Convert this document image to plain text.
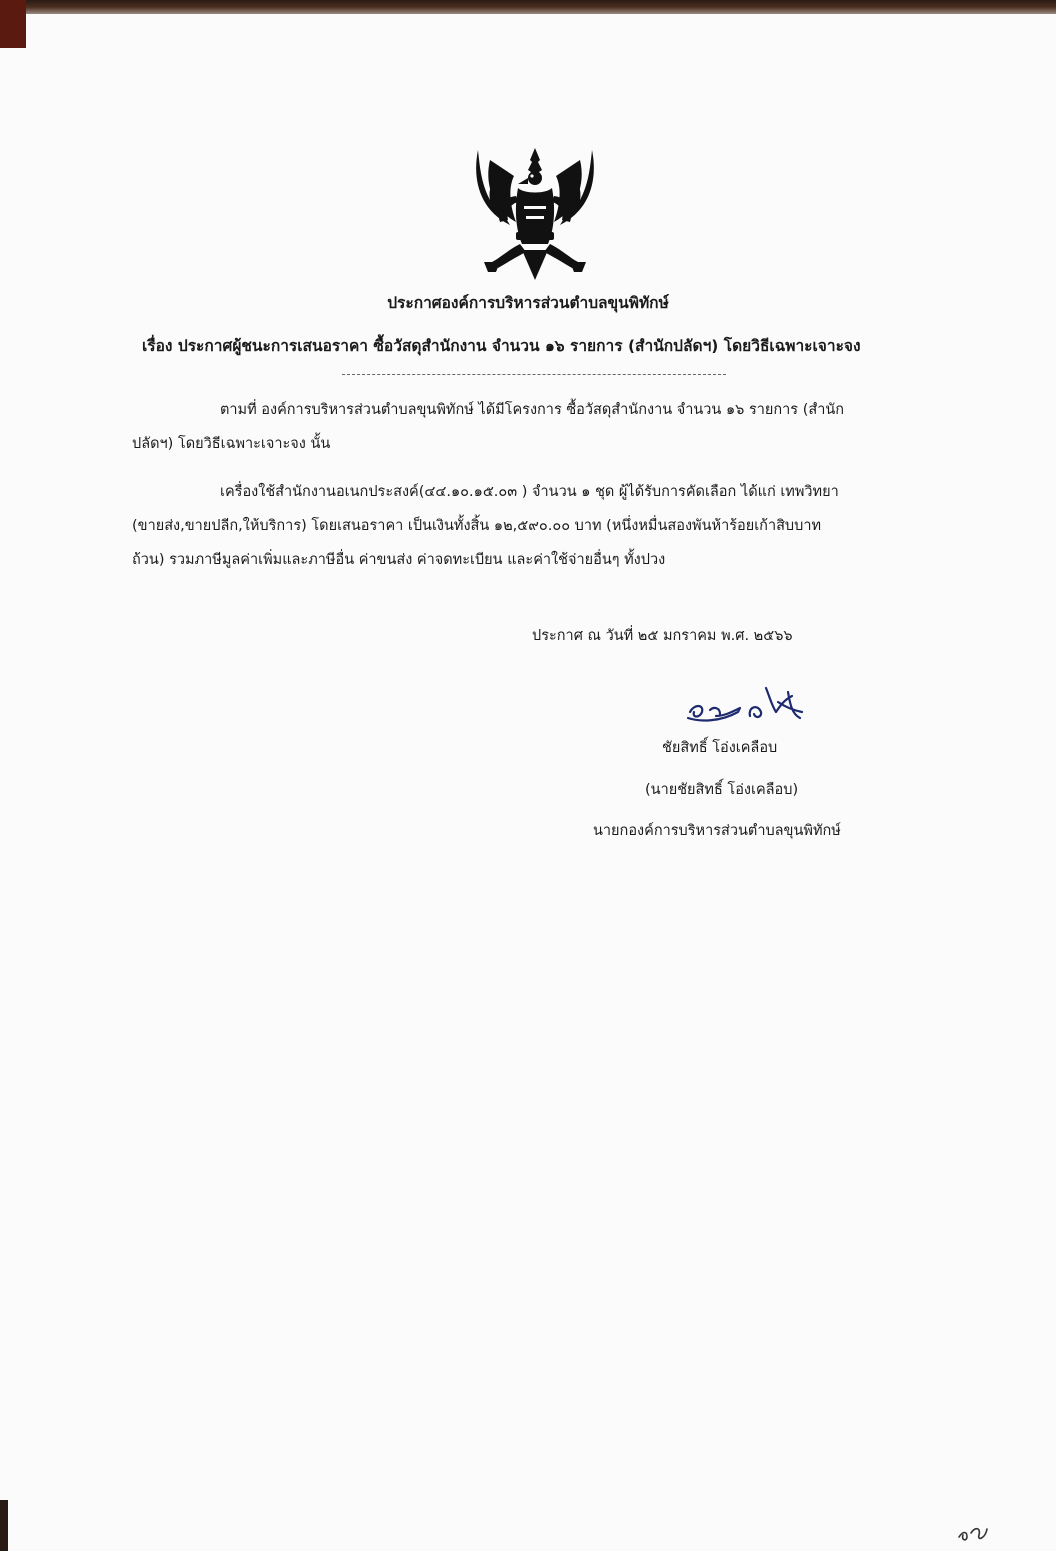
ประกาศองค์การบริหารส่วนตำบลขุนพิทักษ์
เรื่อง ประกาศผู้ชนะการเสนอราคา ซื้อวัสดุสำนักงาน จำนวน ๑๖ รายการ (สำนักปลัดฯ) โดยวิธีเฉพาะเจาะจง
ตามที่ องค์การบริหารส่วนตำบลขุนพิทักษ์ ได้มีโครงการ ซื้อวัสดุสำนักงาน จำนวน ๑๖ รายการ (สำนัก
ปลัดฯ) โดยวิธีเฉพาะเจาะจง นั้น
เครื่องใช้สำนักงานอเนกประสงค์(๔๔.๑๐.๑๕.๐๓ ) จำนวน ๑ ชุด ผู้ได้รับการคัดเลือก ได้แก่ เทพวิทยา
(ขายส่ง,ขายปลีก,ให้บริการ) โดยเสนอราคา เป็นเงินทั้งสิ้น ๑๒,๕๙๐.๐๐ บาท (หนึ่งหมื่นสองพันห้าร้อยเก้าสิบบาท
ถ้วน) รวมภาษีมูลค่าเพิ่มและภาษีอื่น ค่าขนส่ง ค่าจดทะเบียน และค่าใช้จ่ายอื่นๆ ทั้งปวง
ประกาศ ณ วันที่ ๒๕ มกราคม พ.ศ. ๒๕๖๖
ชัยสิทธิ์ โอ่งเคลือบ
(นายชัยสิทธิ์ โอ่งเคลือบ)
นายกองค์การบริหารส่วนตำบลขุนพิทักษ์
